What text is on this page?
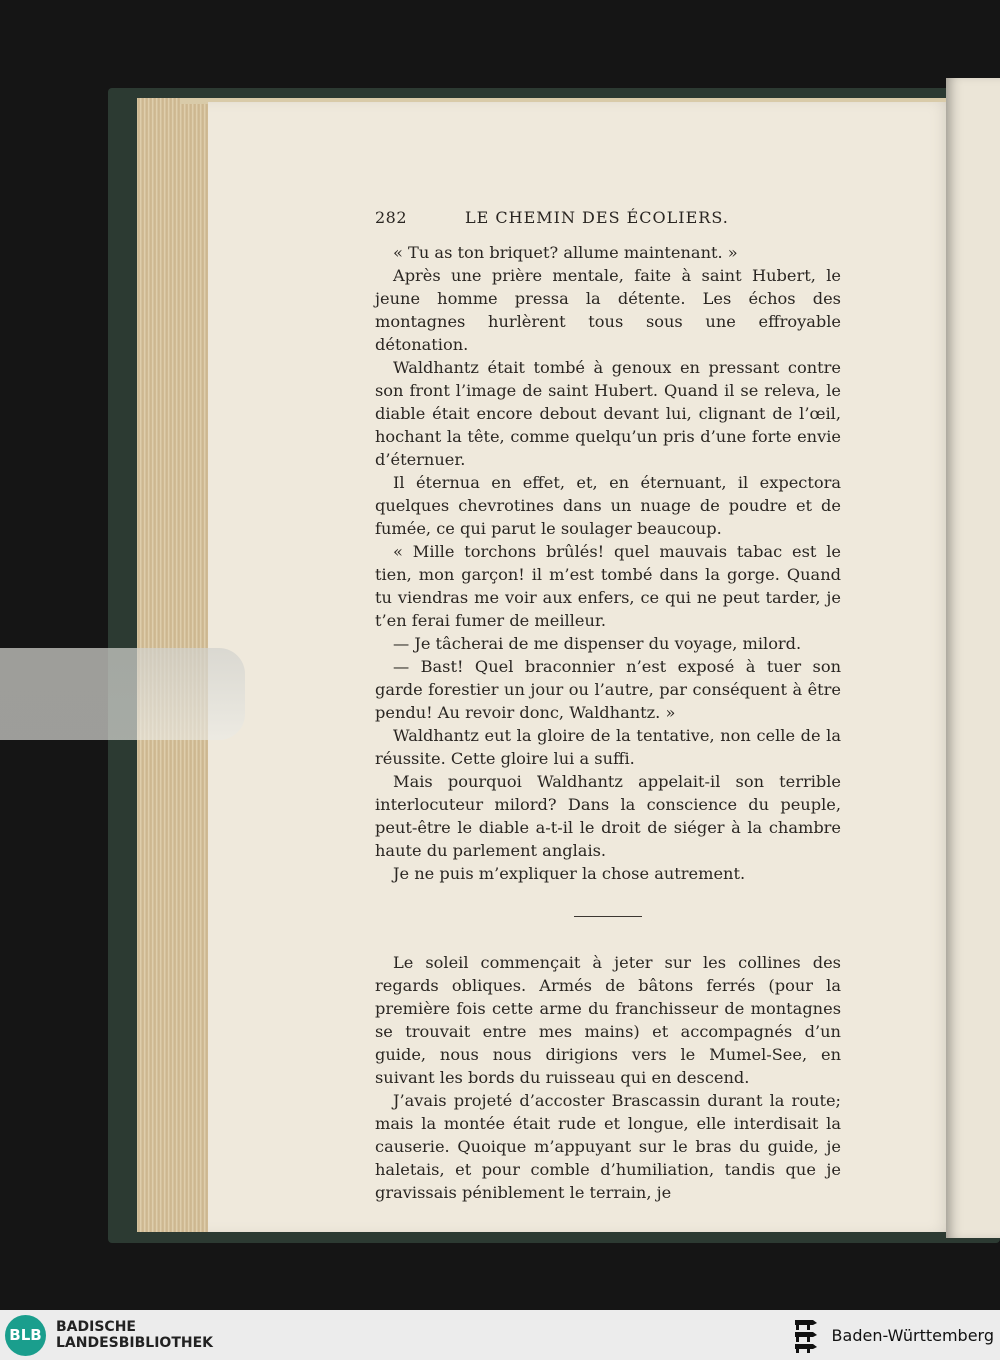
282	LE CHEMIN DES ÉCOLIERS.

« Tu as ton briquet? allume maintenant. »

Après une prière mentale, faite à saint Hubert, le jeune homme pressa la détente. Les échos des montagnes hurlèrent tous sous une effroyable détonation.

Waldhantz était tombé à genoux en pressant contre son front l’image de saint Hubert. Quand il se releva, le diable était encore debout devant lui, clignant de l’œil, hochant la tête, comme quelqu’un pris d’une forte envie d’éternuer.

Il éternua en effet, et, en éternuant, il expectora quelques chevrotines dans un nuage de poudre et de fumée, ce qui parut le soulager beaucoup.

« Mille torchons brûlés! quel mauvais tabac est le tien, mon garçon! il m’est tombé dans la gorge. Quand tu viendras me voir aux enfers, ce qui ne peut tarder, je t’en ferai fumer de meilleur.

— Je tâcherai de me dispenser du voyage, milord.

— Bast! Quel braconnier n’est exposé à tuer son garde forestier un jour ou l’autre, par conséquent à être pendu! Au revoir donc, Waldhantz. »

Waldhantz eut la gloire de la tentative, non celle de la réussite. Cette gloire lui a suffi.

Mais pourquoi Waldhantz appelait-il son terrible interlocuteur milord? Dans la conscience du peuple, peut-être le diable a-t-il le droit de siéger à la chambre haute du parlement anglais.

Je ne puis m’expliquer la chose autrement.

Le soleil commençait à jeter sur les collines des regards obliques. Armés de bâtons ferrés (pour la première fois cette arme du franchisseur de montagnes se trouvait entre mes mains) et accompagnés d’un guide, nous nous dirigions vers le Mumel-See, en suivant les bords du ruisseau qui en descend.

J’avais projeté d’accoster Brascassin durant la route; mais la montée était rude et longue, elle interdisait la causerie. Quoique m’appuyant sur le bras du guide, je haletais, et pour comble d’humiliation, tandis que je gravissais péniblement le terrain, je

BLB	BADISCHE
LANDESBIBLIOTHEK	Baden-Württemberg
